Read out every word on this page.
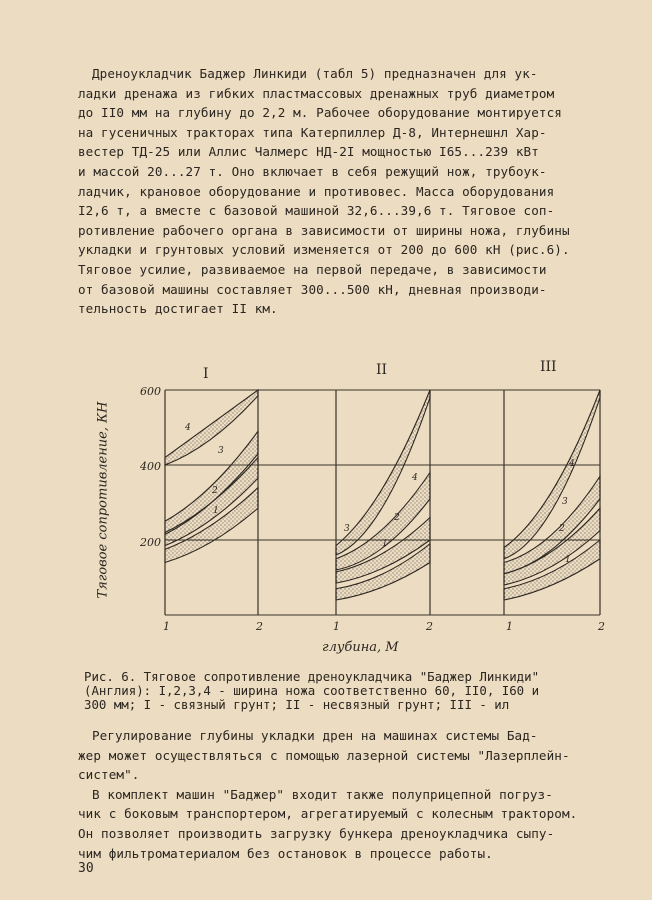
Дреноукладчик Баджер Линкиди (табл 5) предназначен для ук-
ладки дренажа из гибких пластмассовых дренажных труб диаметром
до II0 мм на глубину до 2,2 м. Рабочее оборудование монтируется
на гусеничных тракторах типа Катерпиллер Д-8, Интернешнл Хар-
вестер ТД-25 или Аллис Чалмерс НД-2I мощностью I65...239 кВт
и массой 20...27 т. Оно включает в себя режущий нож, трубоук-
ладчик, крановое оборудование и противовес. Масса оборудования
I2,6 т, а вместе с базовой машиной 32,6...39,6 т. Тяговое соп-
ротивление рабочего органа в зависимости от ширины ножа, глубины
укладки и грунтовых условий изменяется от 200 до 600 кН (рис.6).
Тяговое усилие, развиваемое на первой передаче, в зависимости
от базовой машины составляет 300...500 кН, дневная производи-
тельность достигает II км.
Тяговое сопротивление, КН
глубина, М
600
400
200
1	2	1	2	1	2
I	II	III
4
3
2
1
4
3
2
1
4
3
2
1
Рис. 6. Тяговое сопротивление дреноукладчика "Баджер Линкиди"
(Англия): I,2,3,4 - ширина ножа соответственно 60, II0, I60 и
300 мм; I - связный грунт; II - несвязный грунт; III - ил
Регулирование глубины укладки дрен на машинах системы Бад-
жер может осуществляться с помощью лазерной системы "Лазерплейн-
систем".
В комплект машин "Баджер" входит также полуприцепной погруз-
чик с боковым транспортером, агрегатируемый с колесным трактором.
Он позволяет производить загрузку бункера дреноукладчика сыпу-
чим фильтроматериалом без остановок в процессе работы.
30
